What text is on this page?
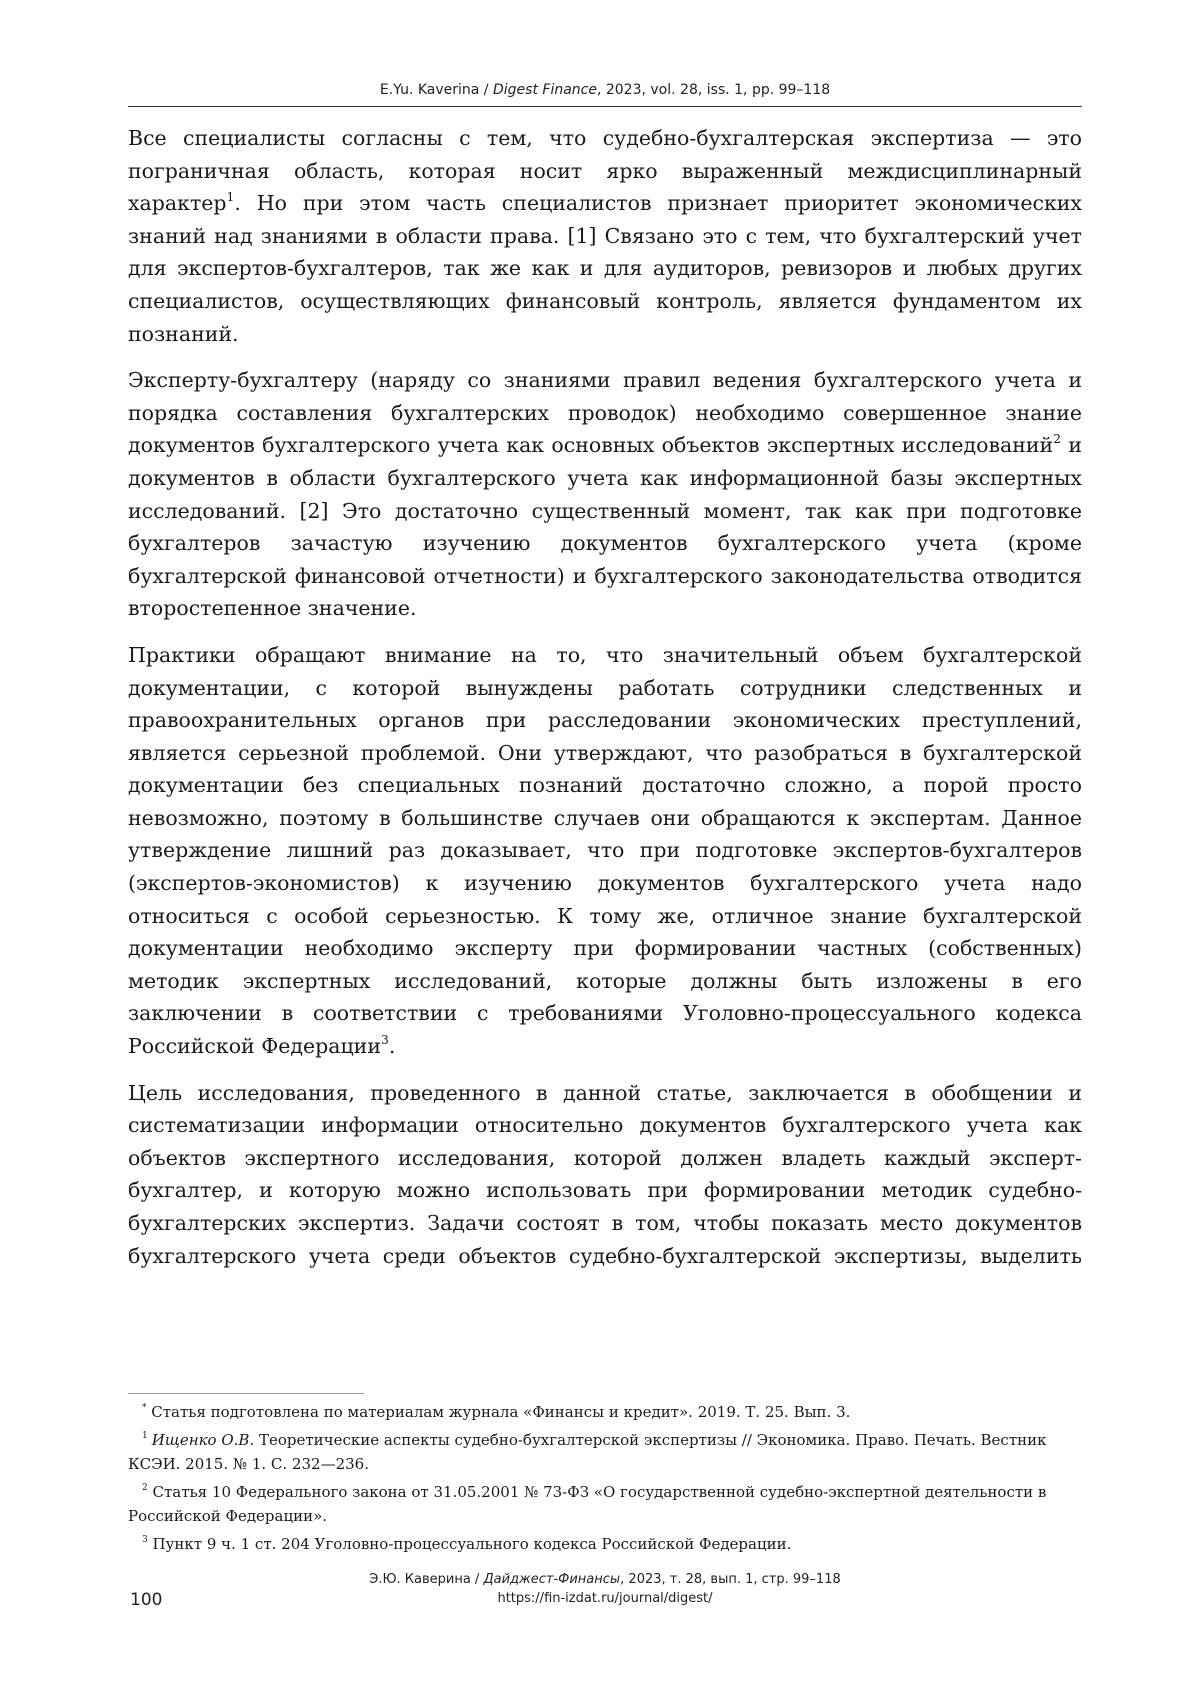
E.Yu. Kaverina / Digest Finance, 2023, vol. 28, iss. 1, pp. 99–118

Все специалисты согласны с тем, что судебно-бухгалтерская экспертиза — это пограничная область, которая носит ярко выраженный междисциплинарный характер$^1$. Но при этом часть специалистов признает приоритет экономических знаний над знаниями в области права. [1] Связано это с тем, что бухгалтерский учет для экспертов-бухгалтеров, так же как и для аудиторов, ревизоров и любых других специалистов, осуществляющих финансовый контроль, является фундаментом их познаний.

Эксперту-бухгалтеру (наряду со знаниями правил ведения бухгалтерского учета и порядка составления бухгалтерских проводок) необходимо совершенное знание документов бухгалтерского учета как основных объектов экспертных исследований$^2$ и документов в области бухгалтерского учета как информационной базы экспертных исследований. [2] Это достаточно существенный момент, так как при подготовке бухгалтеров зачастую изучению документов бухгалтерского учета (кроме бухгалтерской финансовой отчетности) и бухгалтерского законодательства отводится второстепенное значение.

Практики обращают внимание на то, что значительный объем бухгалтерской документации, с которой вынуждены работать сотрудники следственных и правоохранительных органов при расследовании экономических преступлений, является серьезной проблемой. Они утверждают, что разобраться в бухгалтерской документации без специальных познаний достаточно сложно, а порой просто невозможно, поэтому в большинстве случаев они обращаются к экспертам. Данное утверждение лишний раз доказывает, что при подготовке экспертов-бухгалтеров (экспертов-экономистов) к изучению документов бухгалтерского учета надо относиться с особой серьезностью. К тому же, отличное знание бухгалтерской документации необходимо эксперту при формировании частных (собственных) методик экспертных исследований, которые должны быть изложены в его заключении в соответствии с требованиями Уголовно-процессуального кодекса Российской Федерации$^3$.

Цель исследования, проведенного в данной статье, заключается в обобщении и систематизации информации относительно документов бухгалтерского учета как объектов экспертного исследования, которой должен владеть каждый эксперт-бухгалтер, и которую можно использовать при формировании методик судебно-бухгалтерских экспертиз. Задачи состоят в том, чтобы показать место документов бухгалтерского учета среди объектов судебно-бухгалтерской экспертизы, выделить

* Статья подготовлена по материалам журнала «Финансы и кредит». 2019. Т. 25. Вып. 3.
$^1$ Ищенко О.В. Теоретические аспекты судебно-бухгалтерской экспертизы // Экономика. Право. Печать. Вестник КСЭИ. 2015. № 1. С. 232—236.
$^2$ Статья 10 Федерального закона от 31.05.2001 № 73-ФЗ «О государственной судебно-экспертной деятельности в Российской Федерации».
$^3$ Пункт 9 ч. 1 ст. 204 Уголовно-процессуального кодекса Российской Федерации.
100
Э.Ю. Каверина / Дайджест-Финансы, 2023, т. 28, вып. 1, стр. 99–118
https://fin-izdat.ru/journal/digest/
